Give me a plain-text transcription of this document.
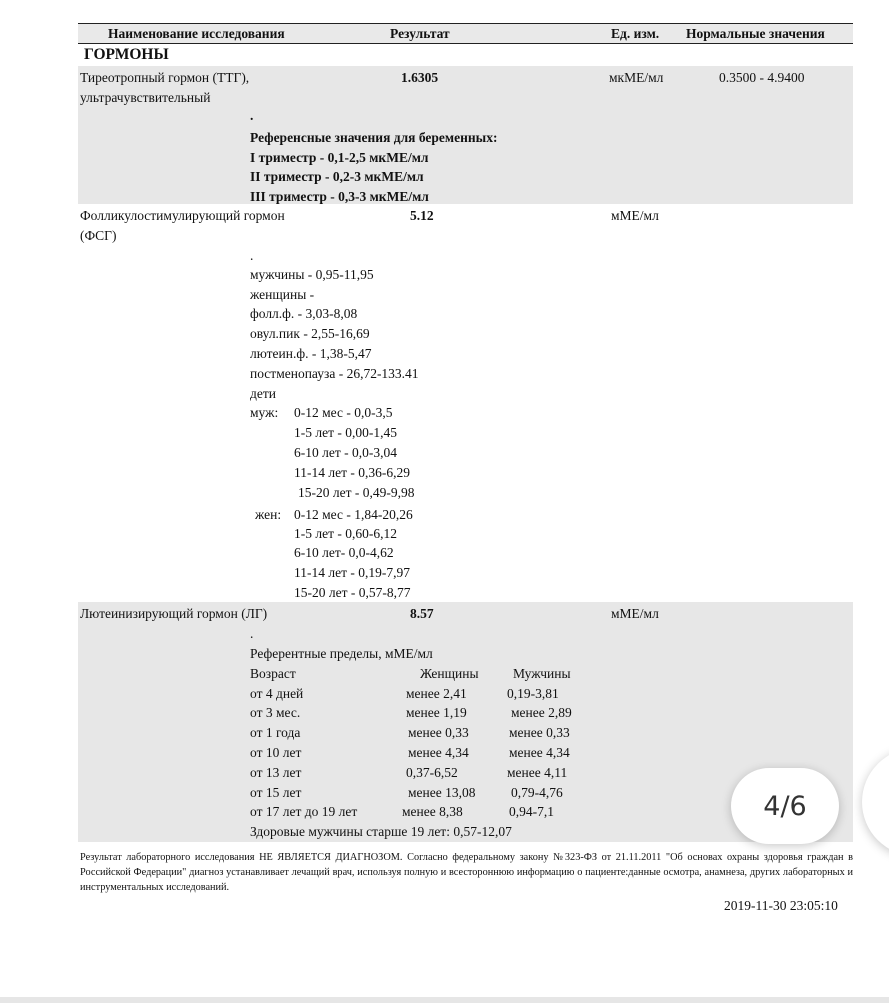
Наименование исследования	Результат	Ед. изм. Нормальные значения
ГОРМОНЫ
Тиреотропный гормон (ТТГ),
ультрачувствительный
1.6305	мкМЕ/мл	0.3500 - 4.9400
.
Референсные значения для беременных:
I триместр - 0,1-2,5 мкМЕ/мл
II триместр - 0,2-3 мкМЕ/мл
III триместр - 0,3-3 мкМЕ/мл
Фолликулостимулирующий гормон
(ФСГ)
5.12	мМЕ/мл
.
мужчины - 0,95-11,95
женщины -
фолл.ф. - 3,03-8,08
овул.пик - 2,55-16,69
лютеин.ф. - 1,38-5,47
постменопауза - 26,72-133.41
дети
муж: 0-12 мес - 0,0-3,5
1-5 лет - 0,00-1,45
6-10 лет - 0,0-3,04
11-14 лет - 0,36-6,29
15-20 лет - 0,49-9,98
жен: 0-12 мес - 1,84-20,26
1-5 лет - 0,60-6,12
6-10 лет- 0,0-4,62
11-14 лет - 0,19-7,97
15-20 лет - 0,57-8,77
Лютеинизирующий гормон (ЛГ)	8.57	мМЕ/мл
.
Референтные пределы, мМЕ/мл
Возраст	Женщины	Мужчины
от 4 дней	менее 2,41	0,19-3,81
от 3 мес.	менее 1,19	менее 2,89
от 1 года	менее 0,33	менее 0,33
от 10 лет	менее 4,34	менее 4,34
от 13 лет	0,37-6,52	менее 4,11
от 15 лет	менее 13,08	0,79-4,76
от 17 лет до 19 лет	менее 8,38	0,94-7,1
Здоровые мужчины старше 19 лет: 0,57-12,07
Результат лабораторного исследования НЕ ЯВЛЯЕТСЯ ДИАГНОЗОМ. Согласно федеральному закону №323-ФЗ от 21.11.2011 "Об основах охраны здоровья граждан в Российской Федерации" диагноз устанавливает лечащий врач, используя полную и всестороннюю информацию о пациенте:данные осмотра, анамнеза, других лабораторных и инструментальных исследований.
2019-11-30 23:05:10
4/6
